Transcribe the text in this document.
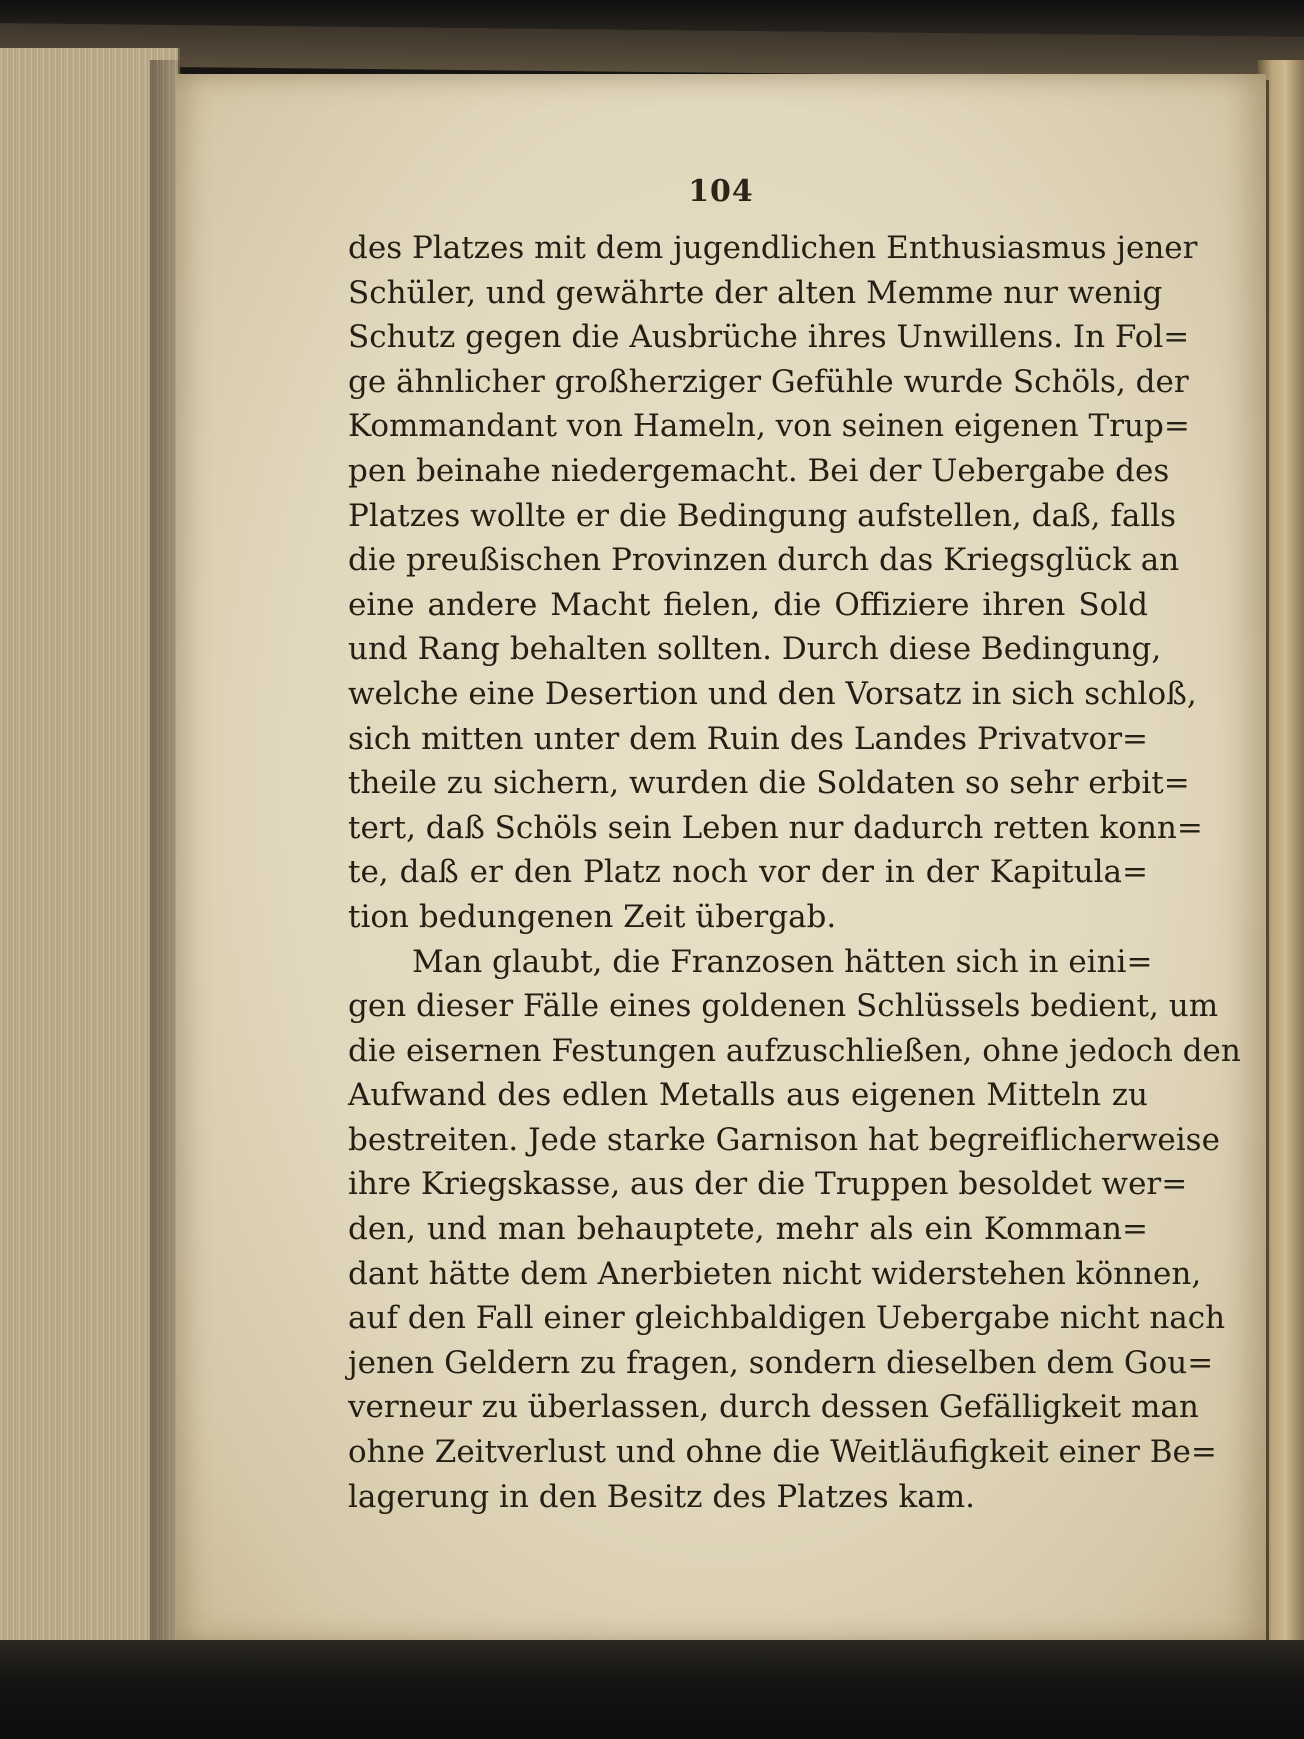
104
des Platzes mit dem jugendlichen Enthusiasmus jener
Schüler, und gewährte der alten Memme nur wenig
Schutz gegen die Ausbrüche ihres Unwillens. In Fol=
ge ähnlicher großherziger Gefühle wurde Schöls, der
Kommandant von Hameln, von seinen eigenen Trup=
pen beinahe niedergemacht. Bei der Uebergabe des
Platzes wollte er die Bedingung aufstellen, daß, falls
die preußischen Provinzen durch das Kriegsglück an
eine andere Macht fielen, die Offiziere ihren Sold
und Rang behalten sollten. Durch diese Bedingung,
welche eine Desertion und den Vorsatz in sich schloß,
sich mitten unter dem Ruin des Landes Privatvor=
theile zu sichern, wurden die Soldaten so sehr erbit=
tert, daß Schöls sein Leben nur dadurch retten konn=
te, daß er den Platz noch vor der in der Kapitula=
tion bedungenen Zeit übergab.
Man glaubt, die Franzosen hätten sich in eini=
gen dieser Fälle eines goldenen Schlüssels bedient, um
die eisernen Festungen aufzuschließen, ohne jedoch den
Aufwand des edlen Metalls aus eigenen Mitteln zu
bestreiten. Jede starke Garnison hat begreiflicherweise
ihre Kriegskasse, aus der die Truppen besoldet wer=
den, und man behauptete, mehr als ein Komman=
dant hätte dem Anerbieten nicht widerstehen können,
auf den Fall einer gleichbaldigen Uebergabe nicht nach
jenen Geldern zu fragen, sondern dieselben dem Gou=
verneur zu überlassen, durch dessen Gefälligkeit man
ohne Zeitverlust und ohne die Weitläufigkeit einer Be=
lagerung in den Besitz des Platzes kam.
